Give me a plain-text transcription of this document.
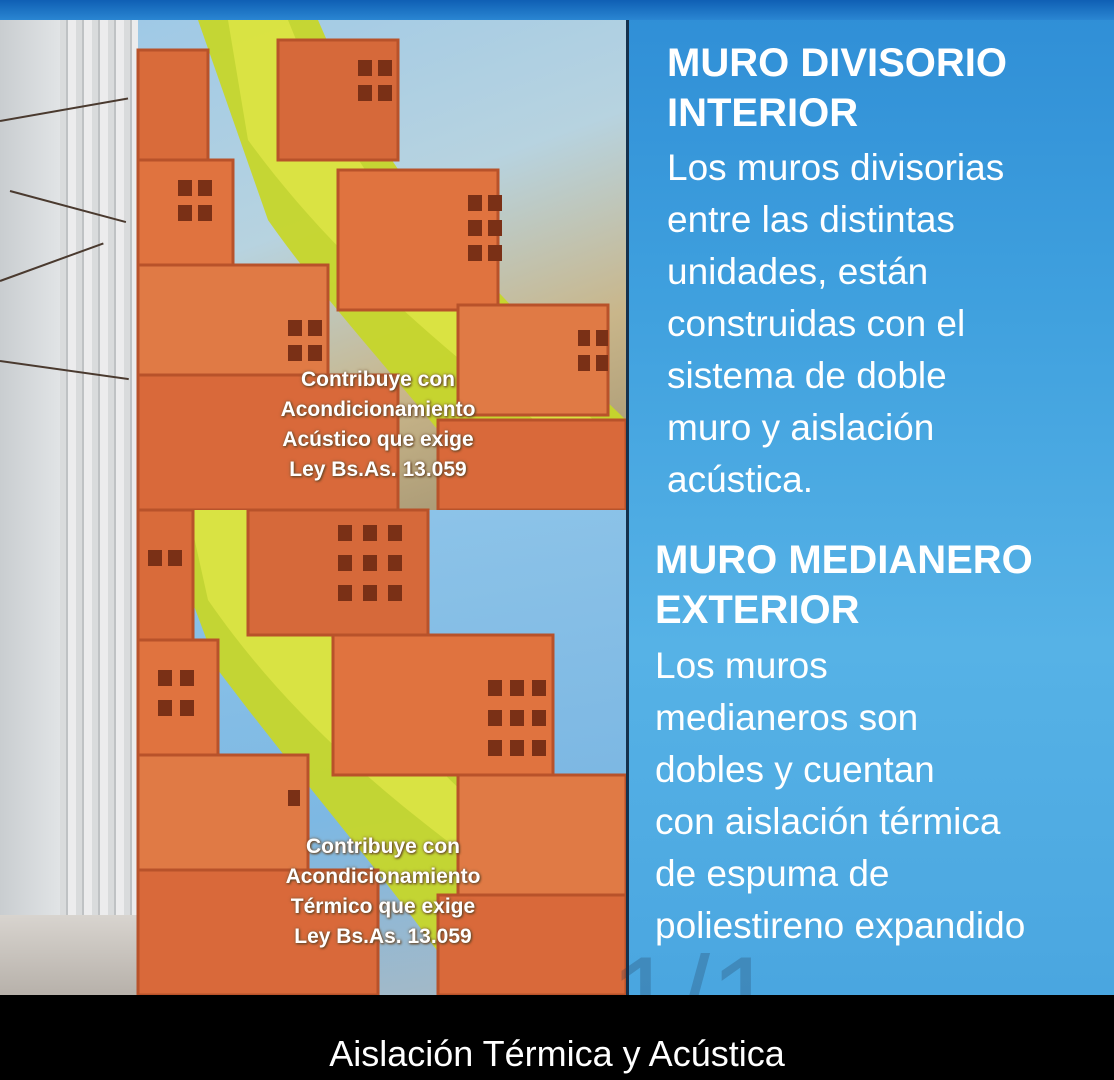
Contribuye con
Acondicionamiento
Acústico que exige
Ley Bs.As. 13.059
Contribuye con
Acondicionamiento
Térmico que exige
Ley Bs.As. 13.059
MURO DIVISORIO
INTERIOR
Los muros divisorias
entre las distintas
unidades, están
construidas con el
sistema de doble
muro y aislación
acústica.
MURO MEDIANERO
EXTERIOR
Los muros
medianeros son
dobles y cuentan
con aislación térmica
de espuma de
poliestireno expandido
Aislación Térmica y Acústica
